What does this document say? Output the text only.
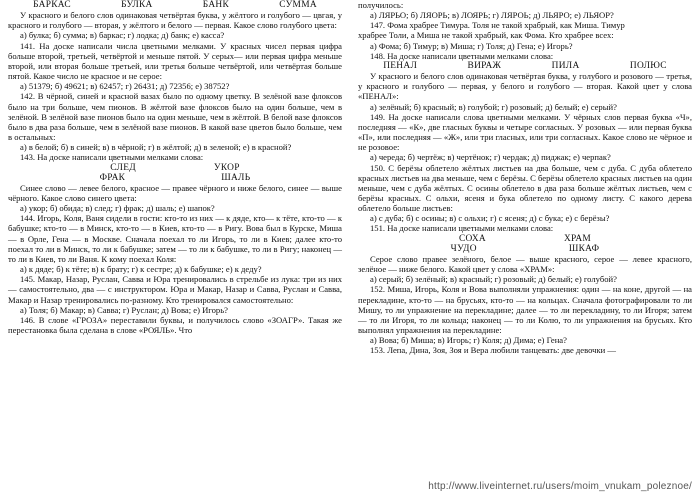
БАРКАС	БУЛКА	БАНК	СУММА

У красного и белого слов одинаковая четвёртая буква, у жёлтого и голубого — цвгая, у красного и голубого — вторая, у жёлтого и белого — первая. Какое слово голубого цвета:

а) булка; б) сумма; в) баркас; г) лодка; д) банк; е) касса?

141. На доске написали числа цветными мелками. У красных чисел первая цифра больше второй, третьей, четвёртой и меньше пятой. У серых— или первая цифра меньше второй, или вторая больше третьей, или третья больше четвёртой, или четвёртая больше пятой. Какое число не красное и не серое:

а) 51379; б) 49621; в) 62457; г) 26431; д) 72356; е) 38752?

142. В чёрной, синей и красной вазах было по одному цветку. В зелёной вазе флоксов было на три больше, чем пионов. В жёлтой вазе флоксов было на один больше, чем в зелёной. В зелёной вазе пионов было на один меньше, чем в жёлтой. В белой вазе флоксов было в два раза больше, чем в зелёной вазе пионов. В какой вазе цветов было больше, чем в остальных:

а) в белой; б) в синей; в) в чёрной; г) в жёлтой; д) в зеленой; е) в красной?

143. На доске написали цветными мелками слова:

СЛЕД	УКОР
ФРАК	ШАЛЬ

Синее слово — левее белого, красное — правее чёрного и ниже белого, синее — выше чёрного. Какое слово синего цвета:

а) укор; б) обида; в) след; г) фрак; д) шаль; е) шапок?

144. Игорь, Коля, Ваня сидели в гости: кто-то из них — к дяде, кто— к тёте, кто-то — к бабушке; кто-то — в Минск, кто-то — в Киев, кто-то — в Ригу. Вова был в Курске, Миша — в Орле, Гена — в Москве. Сначала поехал то ли Игорь, то ли в Киев; далее кто-то поехал то ли в Минск, то ли к бабушке; затем — то ли к бабушке, то ли в Ригу; наконец — то ли в Киев, то ли Ваня. К кому поехал Коля:

а) к дяде; б) к тёте; в) к брату; г) к сестре; д) к бабушке; е) к деду?

145. Макар, Назар, Руслан, Савва и Юра тренировались в стрельбе из лука: три из них — самостоятельно, два — с инструктором. Юра и Макар, Назар и Савва, Руслан и Савва, Макар и Назар тренировались по-разному. Кто тренировался самостоятельно:

а) Толя; б) Макар; в) Савва; г) Руслан; д) Вова; е) Игорь?

146. В слове «ГРОЗА» переставили буквы, и получилось слово «ЗОАГР». Такая же перестановка была сделана в слове «РОЯЛЬ». Что

получилось:

а) ЛЯРЬО; б) ЛЯОРЬ; в) ЛОЯРЬ; г) ЛЯРОЬ; д) ЛЬЯРО; е) ЛЬЯОР?

147. Фома храбрее Тимура. Толя не такой храбрый, как Миша. Тимур

храбрее Толи, а Миша не такой храбрый, как Фома. Кто храбрее всех:

а) Фома; б) Тимур; в) Миша; г) Толя; д) Гена; е) Игорь?

148. На доске написали цветными мелками слова:

ПЕНАЛ	ВИРАЖ	ПИЛА	ПОЛЮС

У красного и белого слов одинаковая четвёртая буква, у голубого и розового — третья, у красного и голубого — первая, у белого и голубого — вторая. Какой цвет у слова «ПЕНАЛ»:

а) зелёный; б) красный; в) голубой; г) розовый; д) белый; е) серый?

149. На доске написали слова цветными мелками. У чёрных слов первая буква «Ч», последняя — «К», две гласных буквы и четыре согласных. У розовых — или первая буква «П», или последняя — «Ж», или три гласных, или три согласных. Какое слово не чёрное и не розовое:

а) череда; б) чертёж; в) чертёнок; г) чердак; д) пиджак; е) черпак?

150. С берёзы облетело жёлтых листьев на два больше, чем с дуба. С дуба облетело красных листьев на два меньше, чем с берёзы. С берёзы облетело красных листьев на один меньше, чем с дуба жёлтых. С осины облетело в два раза больше жёлтых листьев, чем с берёзы красных. С ольхи, ясеня и бука облетело по одному листу. С какого дерева облетело больше листьев:

а) с дуба; б) с осины; в) с ольхи; г) с ясеня; д) с бука; е) с берёзы?

151. На доске написали цветными мелками слова:

СОХА	ХРАМ
ЧУДО	ШКАФ

Серое слово правее зелёного, белое — выше красного, серое — левее красного, зелёное — ниже белого. Какой цвет у слова «ХРАМ»:

а) серый; б) зелёный; в) красный; г) розовый; д) белый; е) голубой?

152. Миша, Игорь, Коля и Вова выполняли упражнения: один — на коне, другой — на перекладине, кто-то — на брусьях, кто-то — на кольцах. Сначала фотографировали то ли Мишу, то ли упражнение на перекладине; далее — то ли перекладину, то ли Игоря; затем — то ли Игоря, то ли кольца; наконец — то ли Колю, то ли упражнения на брусьях. Кто выполнял упражнения на перекладине:

а) Вова; б) Миша; в) Игорь; г) Коля; д) Дима; е) Гена?

153. Лепа, Дина, Зоя, Зоя и Вера любили танцевать: две девочки —

http://www.liveinternet.ru/users/moim_vnukam_poleznoe/
